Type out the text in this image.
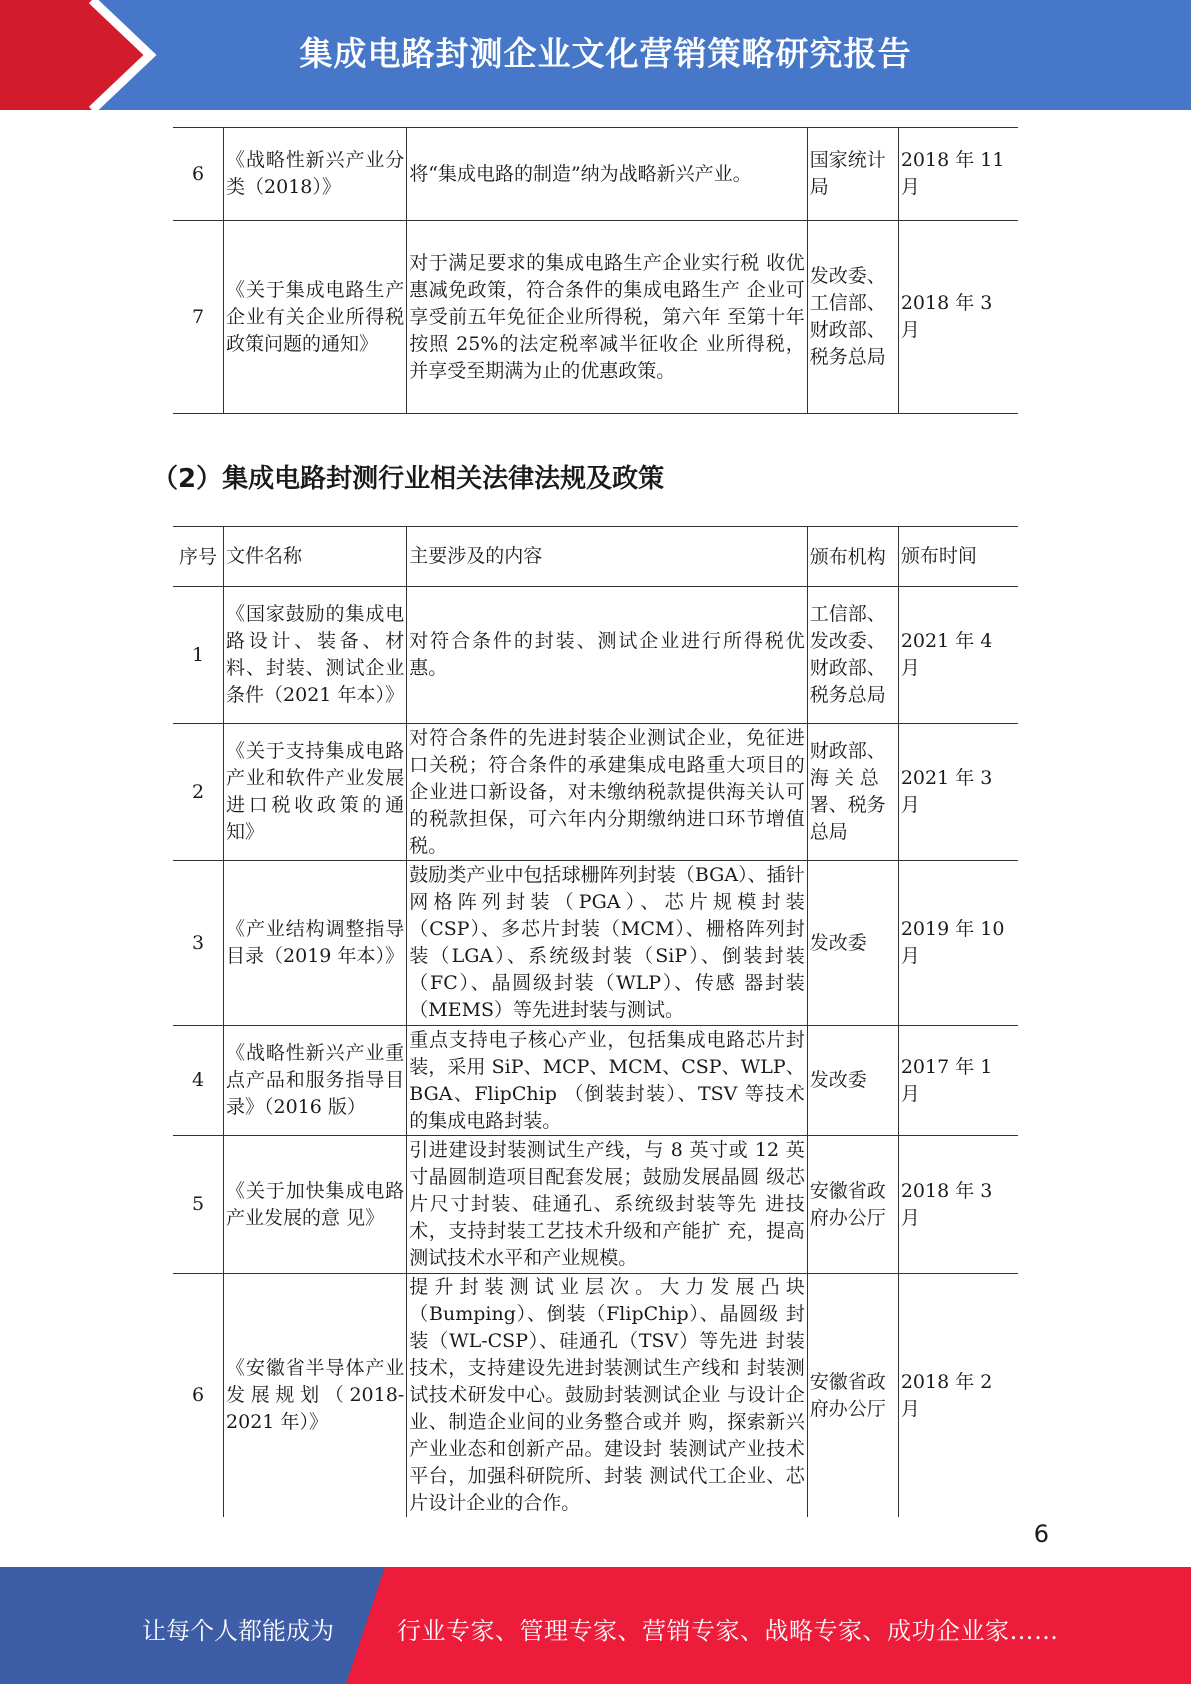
集成电路封测企业文化营销策略研究报告
6	《战略性新兴产业分类（2018）》	将“集成电路的制造”纳为战略新兴产业。	国家统计局	2018 年 11 月
7	《关于集成电路生产企业有关企业所得税政策问题的通知》	对于满足要求的集成电路生产企业实行税 收优惠减免政策，符合条件的集成电路生产 企业可享受前五年免征企业所得税，第六年 至第十年按照 25%的法定税率减半征收企 业所得税，并享受至期满为止的优惠政策。	发改委、工信部、财政部、税务总局	2018 年 3 月
（2）集成电路封测行业相关法律法规及政策
序号	文件名称	主要涉及的内容	颁布机构	颁布时间
1	《国家鼓励的集成电路设计、装备、材料、封装、测试企业条件（2021 年本）》	对符合条件的封装、测试企业进行所得税优惠。	工信部、发改委、财政部、税务总局	2021 年 4 月
2	《关于支持集成电路产业和软件产业发展进口税收政策的通知》	对符合条件的先进封装企业测试企业，免征进口关税；符合条件的承建集成电路重大项目的企业进口新设备，对未缴纳税款提供海关认可的税款担保，可六年内分期缴纳进口环节增值税。	财政部、海 关 总署、税务总局	2021 年 3 月
3	《产业结构调整指导目录（2019 年本）》	鼓励类产业中包括球栅阵列封装（BGA）、插针网格阵列封装（PGA）、芯片规模封装（CSP）、多芯片封装（MCM）、栅格阵列封装（LGA）、系统级封装（SiP）、倒装封装（FC）、晶圆级封装（WLP）、传感 器封装（MEMS）等先进封装与测试。	发改委	2019 年 10 月
4	《战略性新兴产业重点产品和服务指导目录》（2016 版）	重点支持电子核心产业，包括集成电路芯片封装，采用 SiP、MCP、MCM、CSP、WLP、BGA、FlipChip （倒装封装）、TSV 等技术的集成电路封装。	发改委	2017 年 1 月
5	《关于加快集成电路产业发展的意 见》	引进建设封装测试生产线，与 8 英寸或 12 英寸晶圆制造项目配套发展；鼓励发展晶圆 级芯片尺寸封装、硅通孔、系统级封装等先 进技术，支持封装工艺技术升级和产能扩 充，提高测试技术水平和产业规模。	安徽省政府办公厅	2018 年 3 月
6	《安徽省半导体产业发展规划（2018-2021 年）》	提升封装测试业层次。大力发展凸块（Bumping）、倒装（FlipChip）、晶圆级 封装（WL-CSP）、硅通孔（TSV）等先进 封装技术，支持建设先进封装测试生产线和 封装测试技术研发中心。鼓励封装测试企业 与设计企业、制造企业间的业务整合或并 购，探索新兴产业业态和创新产品。建设封 装测试产业技术平台，加强科研院所、封装 测试代工企业、芯片设计企业的合作。	安徽省政府办公厅	2018 年 2 月
6
让每个人都能成为	行业专家、管理专家、营销专家、战略专家、成功企业家……
